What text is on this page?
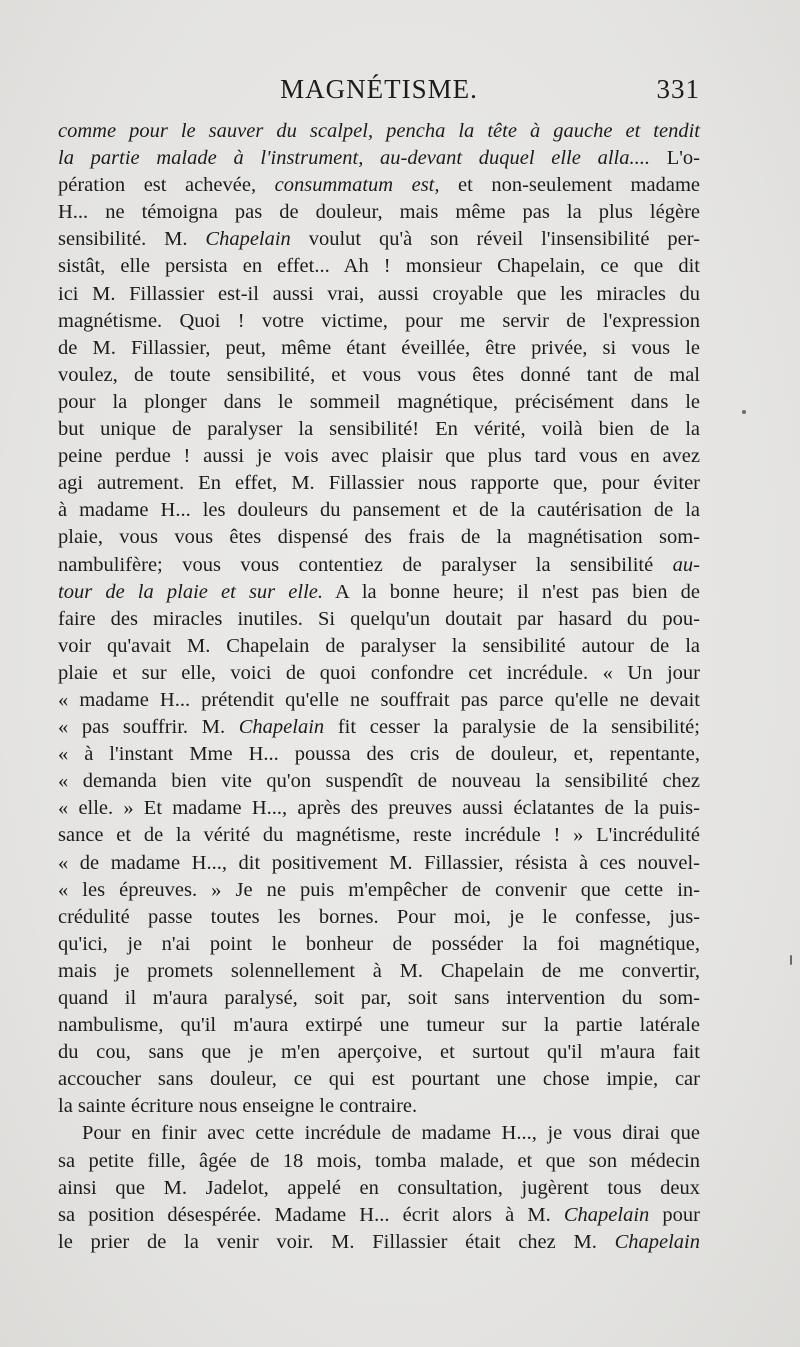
MAGNÉTISME.	331
comme pour le sauver du scalpel, pencha la tête à gauche et tendit
la partie malade à l'instrument, au-devant duquel elle alla.... L'o-
pération est achevée, consummatum est, et non-seulement madame
H... ne témoigna pas de douleur, mais même pas la plus légère
sensibilité. M. Chapelain voulut qu'à son réveil l'insensibilité per-
sistât, elle persista en effet... Ah ! monsieur Chapelain, ce que dit
ici M. Fillassier est-il aussi vrai, aussi croyable que les miracles du
magnétisme. Quoi ! votre victime, pour me servir de l'expression
de M. Fillassier, peut, même étant éveillée, être privée, si vous le
voulez, de toute sensibilité, et vous vous êtes donné tant de mal
pour la plonger dans le sommeil magnétique, précisément dans le
but unique de paralyser la sensibilité! En vérité, voilà bien de la
peine perdue ! aussi je vois avec plaisir que plus tard vous en avez
agi autrement. En effet, M. Fillassier nous rapporte que, pour éviter
à madame H... les douleurs du pansement et de la cautérisation de la
plaie, vous vous êtes dispensé des frais de la magnétisation som-
nambulifère; vous vous contentiez de paralyser la sensibilité au-
tour de la plaie et sur elle. A la bonne heure; il n'est pas bien de
faire des miracles inutiles. Si quelqu'un doutait par hasard du pou-
voir qu'avait M. Chapelain de paralyser la sensibilité autour de la
plaie et sur elle, voici de quoi confondre cet incrédule. « Un jour
« madame H... prétendit qu'elle ne souffrait pas parce qu'elle ne devait
« pas souffrir. M. Chapelain fit cesser la paralysie de la sensibilité;
« à l'instant Mme H... poussa des cris de douleur, et, repentante,
« demanda bien vite qu'on suspendît de nouveau la sensibilité chez
« elle. » Et madame H..., après des preuves aussi éclatantes de la puis-
sance et de la vérité du magnétisme, reste incrédule ! » L'incrédulité
« de madame H..., dit positivement M. Fillassier, résista à ces nouvel-
« les épreuves. » Je ne puis m'empêcher de convenir que cette in-
crédulité passe toutes les bornes. Pour moi, je le confesse, jus-
qu'ici, je n'ai point le bonheur de posséder la foi magnétique,
mais je promets solennellement à M. Chapelain de me convertir,
quand il m'aura paralysé, soit par, soit sans intervention du som-
nambulisme, qu'il m'aura extirpé une tumeur sur la partie latérale
du cou, sans que je m'en aperçoive, et surtout qu'il m'aura fait
accoucher sans douleur, ce qui est pourtant une chose impie, car
la sainte écriture nous enseigne le contraire.
Pour en finir avec cette incrédule de madame H..., je vous dirai que
sa petite fille, âgée de 18 mois, tomba malade, et que son médecin
ainsi que M. Jadelot, appelé en consultation, jugèrent tous deux
sa position désespérée. Madame H... écrit alors à M. Chapelain pour
le prier de la venir voir. M. Fillassier était chez M. Chapelain
